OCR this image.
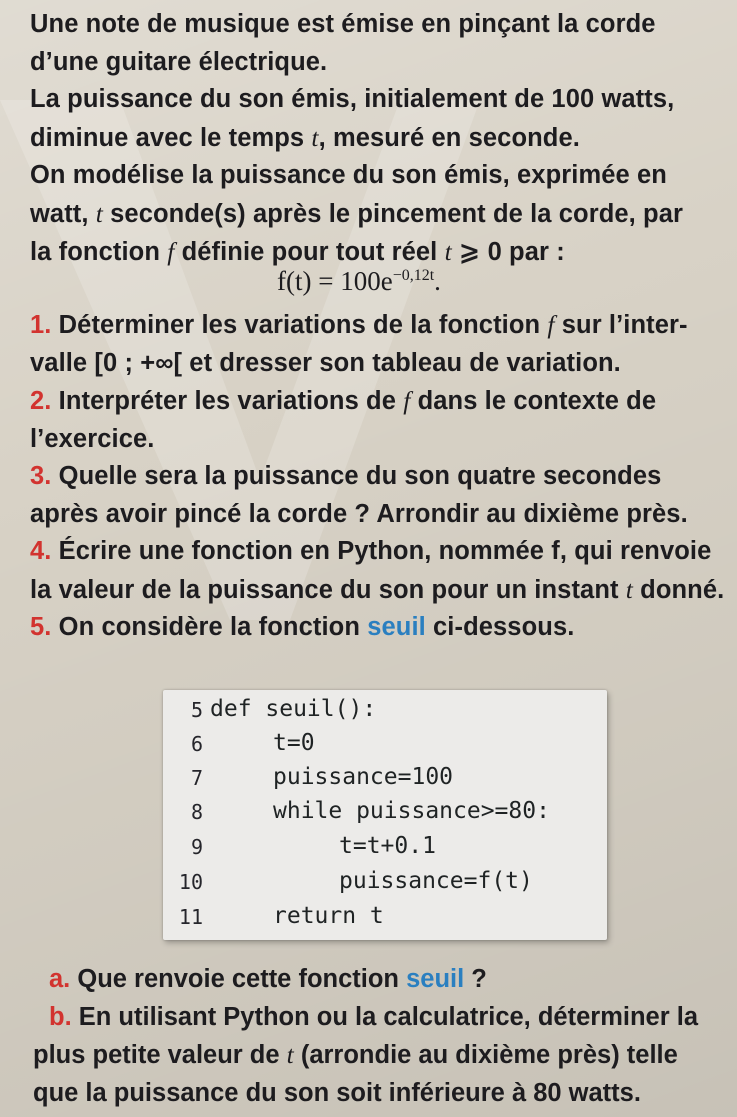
Une note de musique est émise en pinçant la corde
d’une guitare électrique.
La puissance du son émis, initialement de 100 watts,
diminue avec le temps t, mesuré en seconde.
On modélise la puissance du son émis, exprimée en
watt, t seconde(s) après le pincement de la corde, par
la fonction f définie pour tout réel t ⩾ 0 par :
$f(t) = 100e^{-0,12t}$.
1. Déterminer les variations de la fonction f sur l’inter-
valle [0 ; +∞[ et dresser son tableau de variation.
2. Interpréter les variations de f dans le contexte de
l’exercice.
3. Quelle sera la puissance du son quatre secondes
après avoir pincé la corde ? Arrondir au dixième près.
4. Écrire une fonction en Python, nommée f, qui renvoie
la valeur de la puissance du son pour un instant t donné.
5. On considère la fonction seuil ci-dessous.
5 def seuil():
6	t=0
7	puissance=100
8	while puissance>=80:
9	t=t+0.1
10	puissance=f(t)
11	return t
a. Que renvoie cette fonction seuil ?
b. En utilisant Python ou la calculatrice, déterminer la
plus petite valeur de t (arrondie au dixième près) telle
que la puissance du son soit inférieure à 80 watts.
